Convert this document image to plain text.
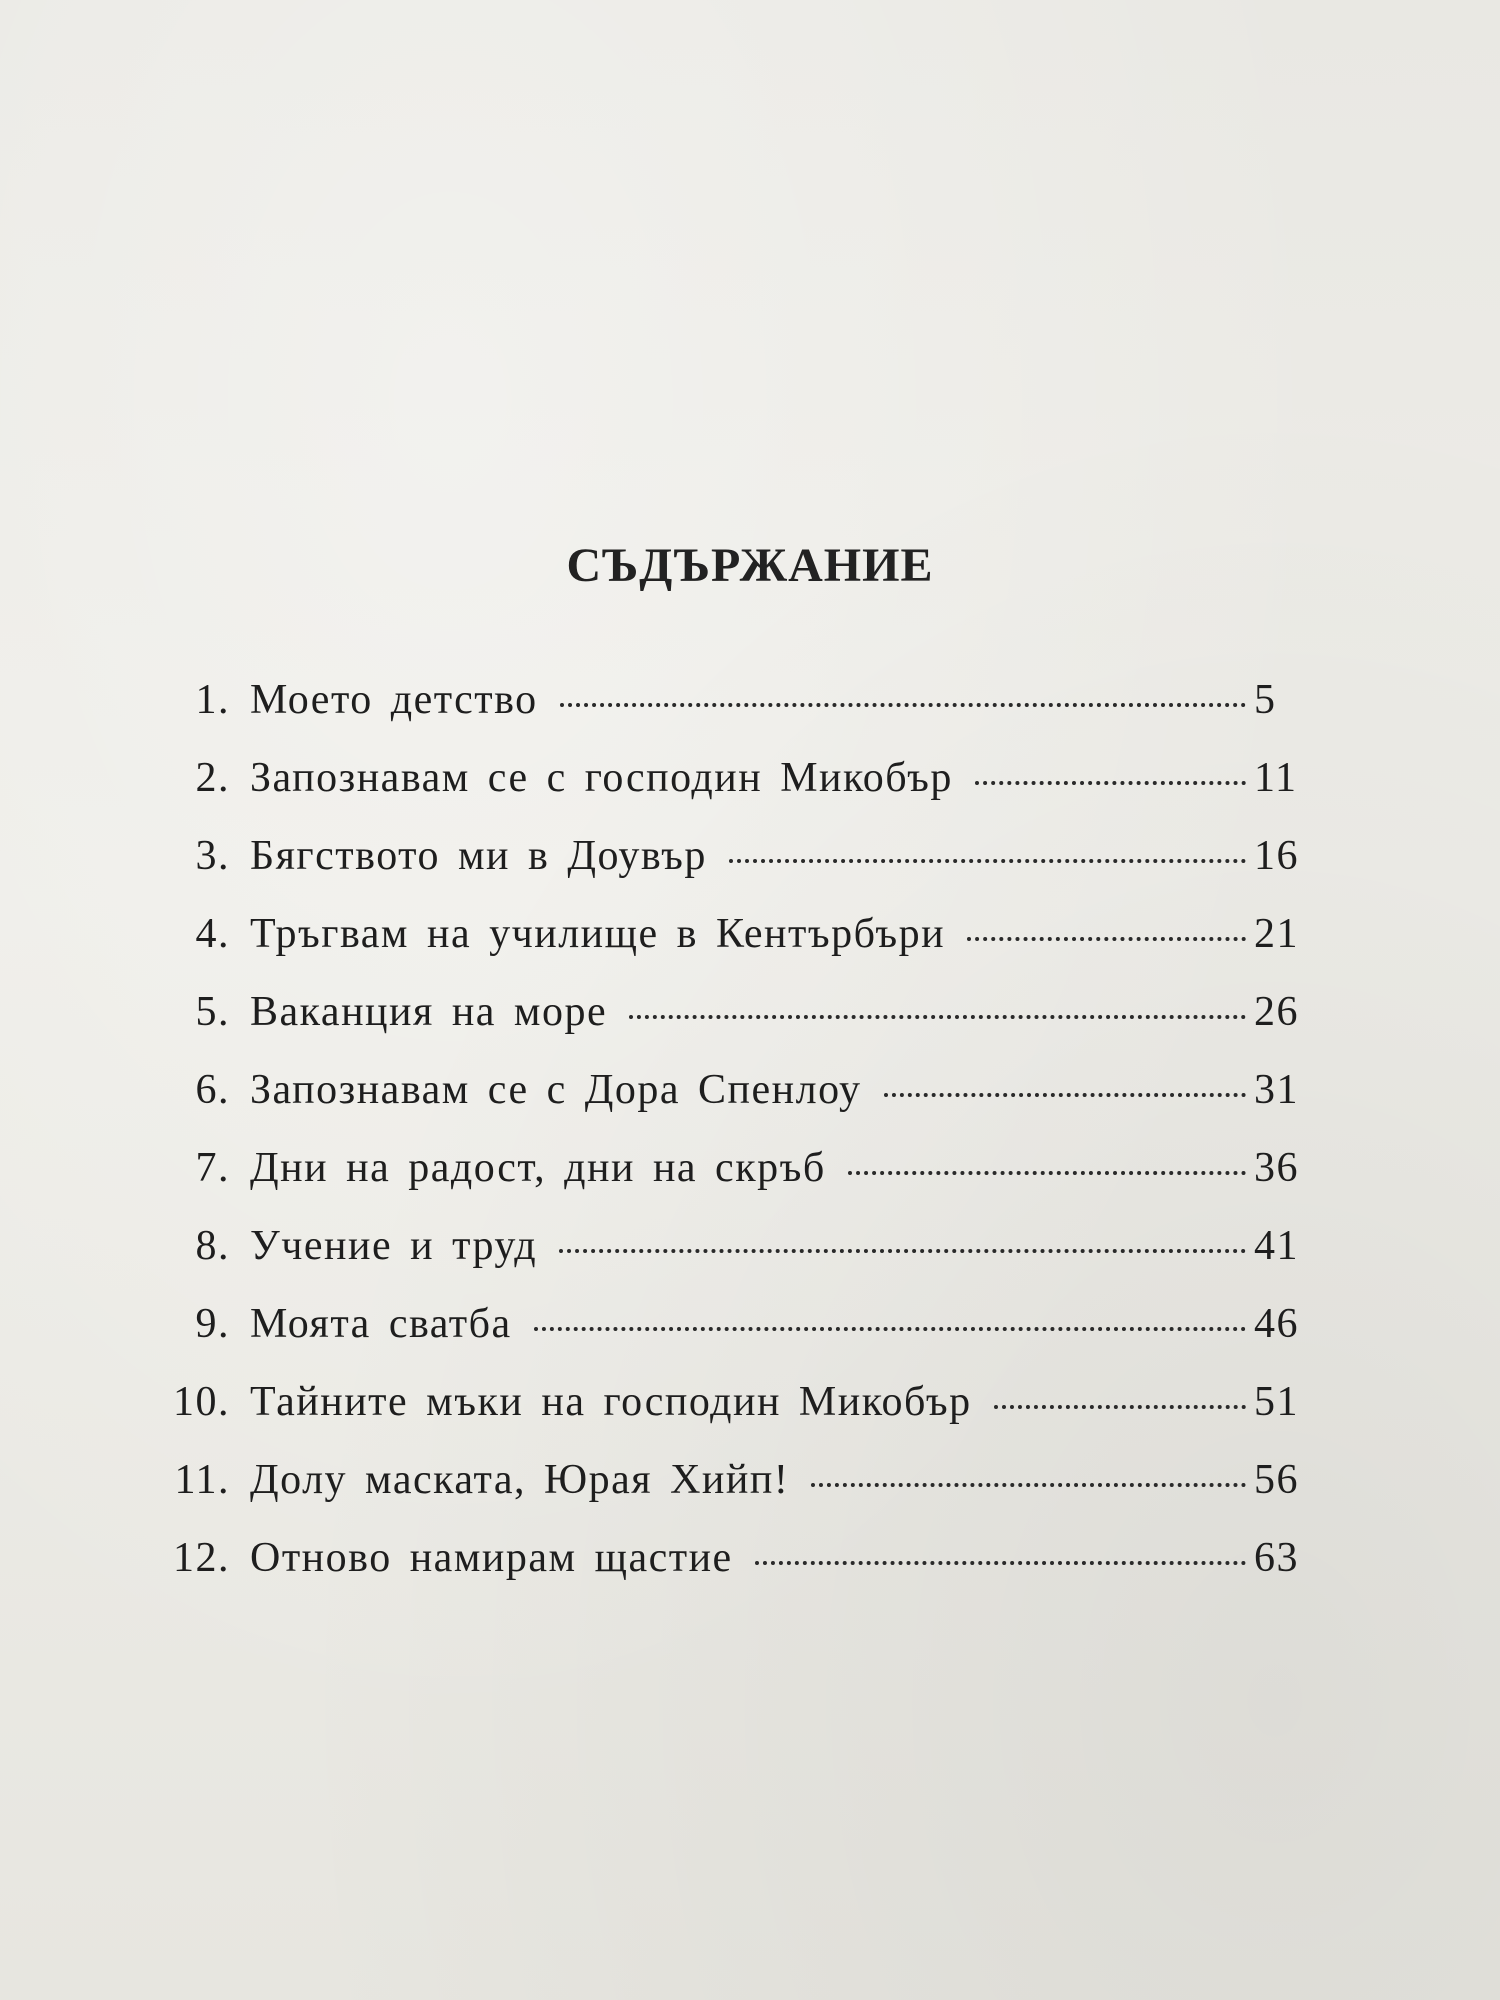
СЪДЪРЖАНИЕ
1. Моето детство	5
2. Запознавам се с господин Микобър	11
3. Бягството ми в Доувър	16
4. Тръгвам на училище в Кентърбъри	21
5. Ваканция на море	26
6. Запознавам се с Дора Спенлоу	31
7. Дни на радост, дни на скръб	36
8. Учение и труд	41
9. Моята сватба	46
10. Тайните мъки на господин Микобър	51
11. Долу маската, Юрая Хийп!	56
12. Отново намирам щастие	63
